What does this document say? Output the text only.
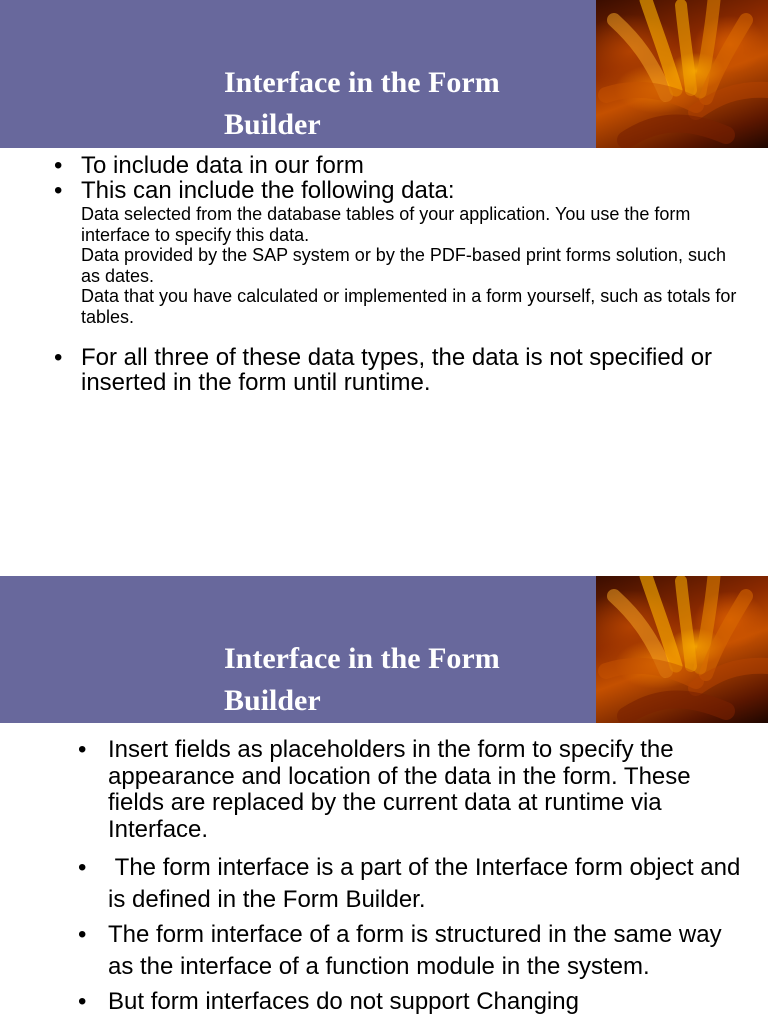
Interface in the Form Builder
• To include data in our form
• This can include the following data:
Data selected from the database tables of your application. You use the form interface to specify this data.
Data provided by the SAP system or by the PDF-based print forms solution, such as dates.
Data that you have calculated or implemented in a form yourself, such as totals for tables.
• For all three of these data types, the data is not specified or inserted in the form until runtime.
Interface in the Form Builder
• Insert fields as placeholders in the form to specify the appearance and location of the data in the form. These fields are replaced by the current data at runtime via Interface.
• The form interface is a part of the Interface form object and is defined in the Form Builder.
• The form interface of a form is structured in the same way as the interface of a function module in the system.
• But form interfaces do not support Changing
